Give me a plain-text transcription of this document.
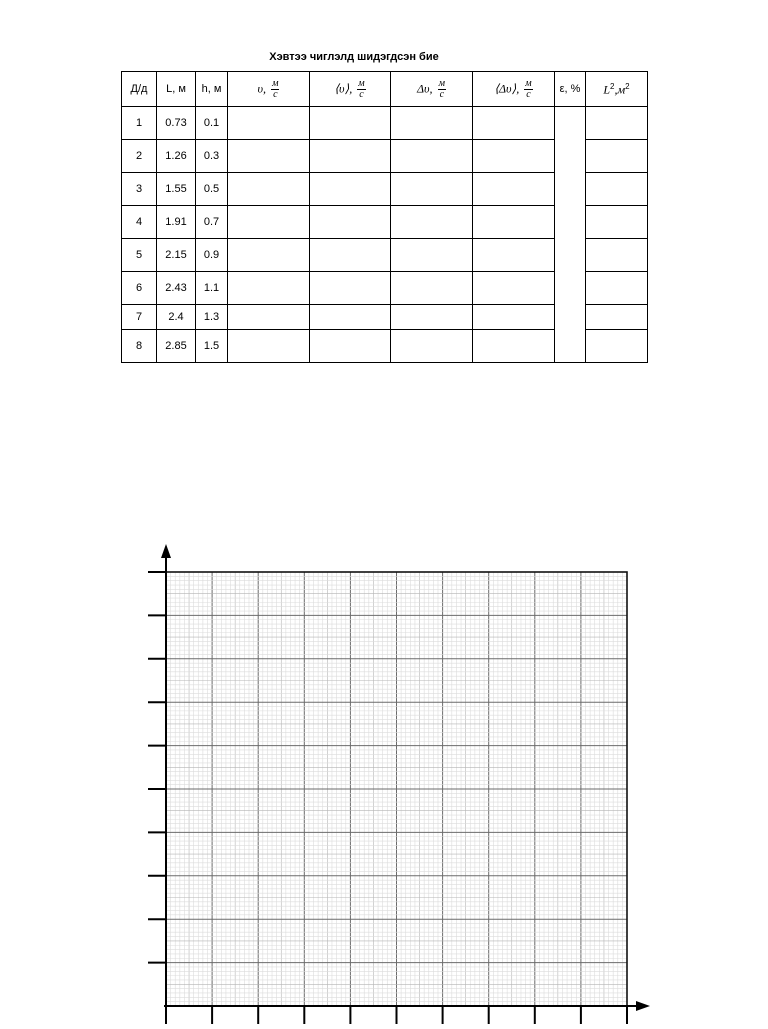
Хэвтээ чиглэлд шидэгдсэн бие
Д/д	L, м	h, м	υ, $\frac{м}{с}$	⟨υ⟩, $\frac{м}{с}$	Δυ, $\frac{м}{с}$	⟨Δυ⟩, $\frac{м}{с}$	ε, %	$L^2,м^2$
1	0.73	0.1						
2	1.26	0.3						
3	1.55	0.5						
4	1.91	0.7						
5	2.15	0.9						
6	2.43	1.1						
7	2.4	1.3						
8	2.85	1.5						
